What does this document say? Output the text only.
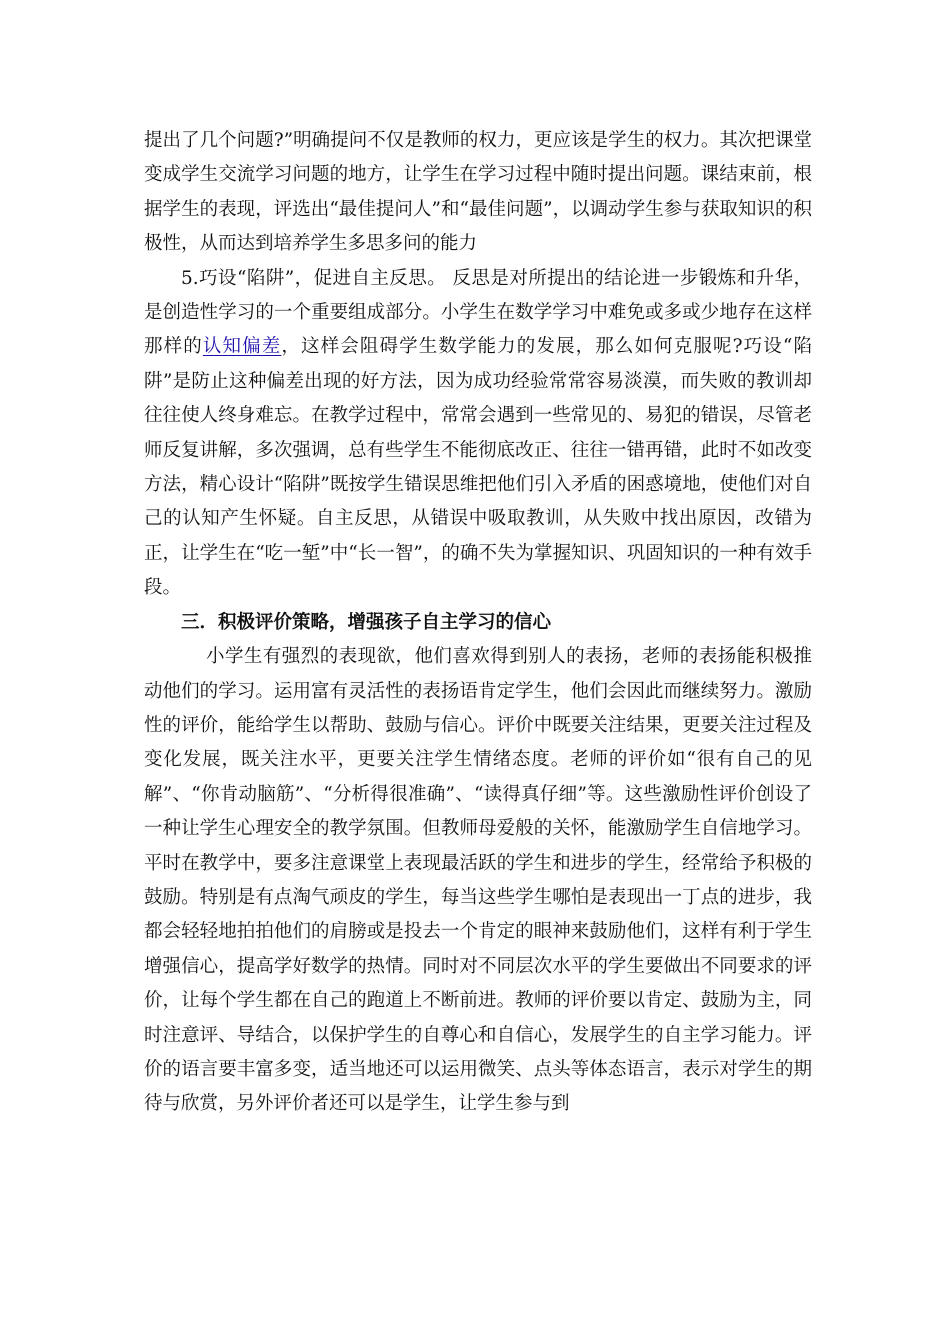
提出了几个问题?”明确提问不仅是教师的权力，更应该是学生的权力。其次把课堂变成学生交流学习问题的地方，让学生在学习过程中随时提出问题。课结束前，根据学生的表现，评选出“最佳提问人”和“最佳问题”，以调动学生参与获取知识的积极性，从而达到培养学生多思多问的能力

5.巧设“陷阱”，促进自主反思。 反思是对所提出的结论进一步锻炼和升华，是创造性学习的一个重要组成部分。小学生在数学学习中难免或多或少地存在这样那样的认知偏差，这样会阻碍学生数学能力的发展，那么如何克服呢?巧设“陷阱”是防止这种偏差出现的好方法，因为成功经验常常容易淡漠，而失败的教训却往往使人终身难忘。在教学过程中，常常会遇到一些常见的、易犯的错误，尽管老师反复讲解，多次强调，总有些学生不能彻底改正、往往一错再错，此时不如改变方法，精心设计“陷阱”既按学生错误思维把他们引入矛盾的困惑境地，使他们对自己的认知产生怀疑。自主反思，从错误中吸取教训，从失败中找出原因，改错为正，让学生在“吃一堑”中“长一智”，的确不失为掌握知识、巩固知识的一种有效手段。

三．积极评价策略，增强孩子自主学习的信心

小学生有强烈的表现欲，他们喜欢得到别人的表扬，老师的表扬能积极推动他们的学习。运用富有灵活性的表扬语肯定学生，他们会因此而继续努力。激励性的评价，能给学生以帮助、鼓励与信心。评价中既要关注结果，更要关注过程及变化发展，既关注水平，更要关注学生情绪态度。老师的评价如“很有自己的见解”、“你肯动脑筋”、“分析得很准确”、“读得真仔细”等。这些激励性评价创设了一种让学生心理安全的教学氛围。但教师母爱般的关怀，能激励学生自信地学习。平时在教学中，要多注意课堂上表现最活跃的学生和进步的学生，经常给予积极的鼓励。特别是有点淘气顽皮的学生，每当这些学生哪怕是表现出一丁点的进步，我都会轻轻地拍拍他们的肩膀或是投去一个肯定的眼神来鼓励他们，这样有利于学生增强信心，提高学好数学的热情。同时对不同层次水平的学生要做出不同要求的评价，让每个学生都在自己的跑道上不断前进。教师的评价要以肯定、鼓励为主，同时注意评、导结合，以保护学生的自尊心和自信心，发展学生的自主学习能力。评价的语言要丰富多变，适当地还可以运用微笑、点头等体态语言，表示对学生的期待与欣赏，另外评价者还可以是学生，让学生参与到
